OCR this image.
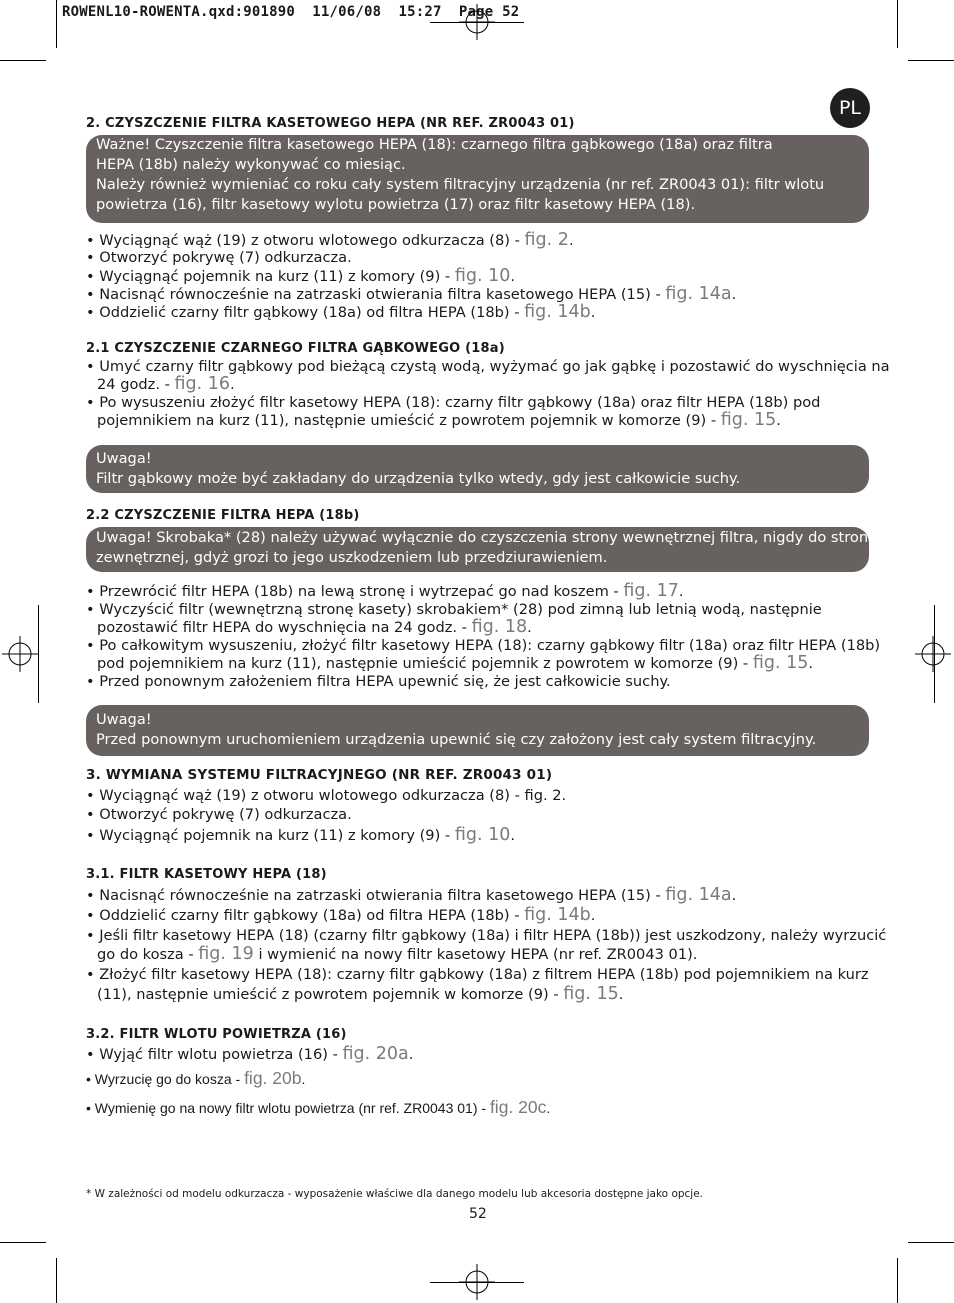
ROWENL10-ROWENTA.qxd:901890  11/06/08  15:27  Page 52
PL
2. CZYSZCZENIE FILTRA KASETOWEGO HEPA (NR REF. ZR0043 01)
Ważne! Czyszczenie filtra kasetowego HEPA (18): czarnego filtra gąbkowego (18a) oraz filtra
HEPA (18b) należy wykonywać co miesiąc.
Należy również wymieniać co roku cały system filtracyjny urządzenia (nr ref. ZR0043 01): filtr wlotu
powietrza (16), filtr kasetowy wylotu powietrza (17) oraz filtr kasetowy HEPA (18).
• Wyciągnąć wąż (19) z otworu wlotowego odkurzacza (8) - fig. 2.
• Otworzyć pokrywę (7) odkurzacza.
• Wyciągnąć pojemnik na kurz (11) z komory (9) - fig. 10.
• Nacisnąć równocześnie na zatrzaski otwierania filtra kasetowego HEPA (15) - fig. 14a.
• Oddzielić czarny filtr gąbkowy (18a) od filtra HEPA (18b) - fig. 14b.
2.1 CZYSZCZENIE CZARNEGO FILTRA GĄBKOWEGO (18a)
• Umyć czarny filtr gąbkowy pod bieżącą czystą wodą, wyżymać go jak gąbkę i pozostawić do wyschnięcia na
24 godz. - fig. 16.
• Po wysuszeniu złożyć filtr kasetowy HEPA (18): czarny filtr gąbkowy (18a) oraz filtr HEPA (18b) pod
pojemnikiem na kurz (11), następnie umieścić z powrotem pojemnik w komorze (9) - fig. 15.
Uwaga!
Filtr gąbkowy może być zakładany do urządzenia tylko wtedy, gdy jest całkowicie suchy.
2.2 CZYSZCZENIE FILTRA HEPA (18b)
Uwaga! Skrobaka* (28) należy używać wyłącznie do czyszczenia strony wewnętrznej filtra, nigdy do strony
zewnętrznej, gdyż grozi to jego uszkodzeniem lub przedziurawieniem.
• Przewrócić filtr HEPA (18b) na lewą stronę i wytrzepać go nad koszem - fig. 17.
• Wyczyścić filtr (wewnętrzną stronę kasety) skrobakiem* (28) pod zimną lub letnią wodą, następnie
pozostawić filtr HEPA do wyschnięcia na 24 godz. - fig. 18.
• Po całkowitym wysuszeniu, złożyć filtr kasetowy HEPA (18): czarny gąbkowy filtr (18a) oraz filtr HEPA (18b)
pod pojemnikiem na kurz (11), następnie umieścić pojemnik z powrotem w komorze (9) - fig. 15.
• Przed ponownym założeniem filtra HEPA upewnić się, że jest całkowicie suchy.
Uwaga!
Przed ponownym uruchomieniem urządzenia upewnić się czy założony jest cały system filtracyjny.
3. WYMIANA SYSTEMU FILTRACYJNEGO (NR REF. ZR0043 01)
• Wyciągnąć wąż (19) z otworu wlotowego odkurzacza (8) - fig. 2.
• Otworzyć pokrywę (7) odkurzacza.
• Wyciągnąć pojemnik na kurz (11) z komory (9) - fig. 10.
3.1. FILTR KASETOWY HEPA (18)
• Nacisnąć równocześnie na zatrzaski otwierania filtra kasetowego HEPA (15) - fig. 14a.
• Oddzielić czarny filtr gąbkowy (18a) od filtra HEPA (18b) - fig. 14b.
• Jeśli filtr kasetowy HEPA (18) (czarny filtr gąbkowy (18a) i filtr HEPA (18b)) jest uszkodzony, należy wyrzucić
go do kosza - fig. 19 i wymienić na nowy filtr kasetowy HEPA (nr ref. ZR0043 01).
• Złożyć filtr kasetowy HEPA (18): czarny filtr gąbkowy (18a) z filtrem HEPA (18b) pod pojemnikiem na kurz
(11), następnie umieścić z powrotem pojemnik w komorze (9) - fig. 15.
3.2. FILTR WLOTU POWIETRZA (16)
• Wyjąć filtr wlotu powietrza (16) - fig. 20a.
• Wyrzucię go do kosza - fig. 20b.
• Wymienię go na nowy filtr wlotu powietrza (nr ref. ZR0043 01) - fig. 20c.
* W zależności od modelu odkurzacza - wyposażenie właściwe dla danego modelu lub akcesoria dostępne jako opcje.
52
